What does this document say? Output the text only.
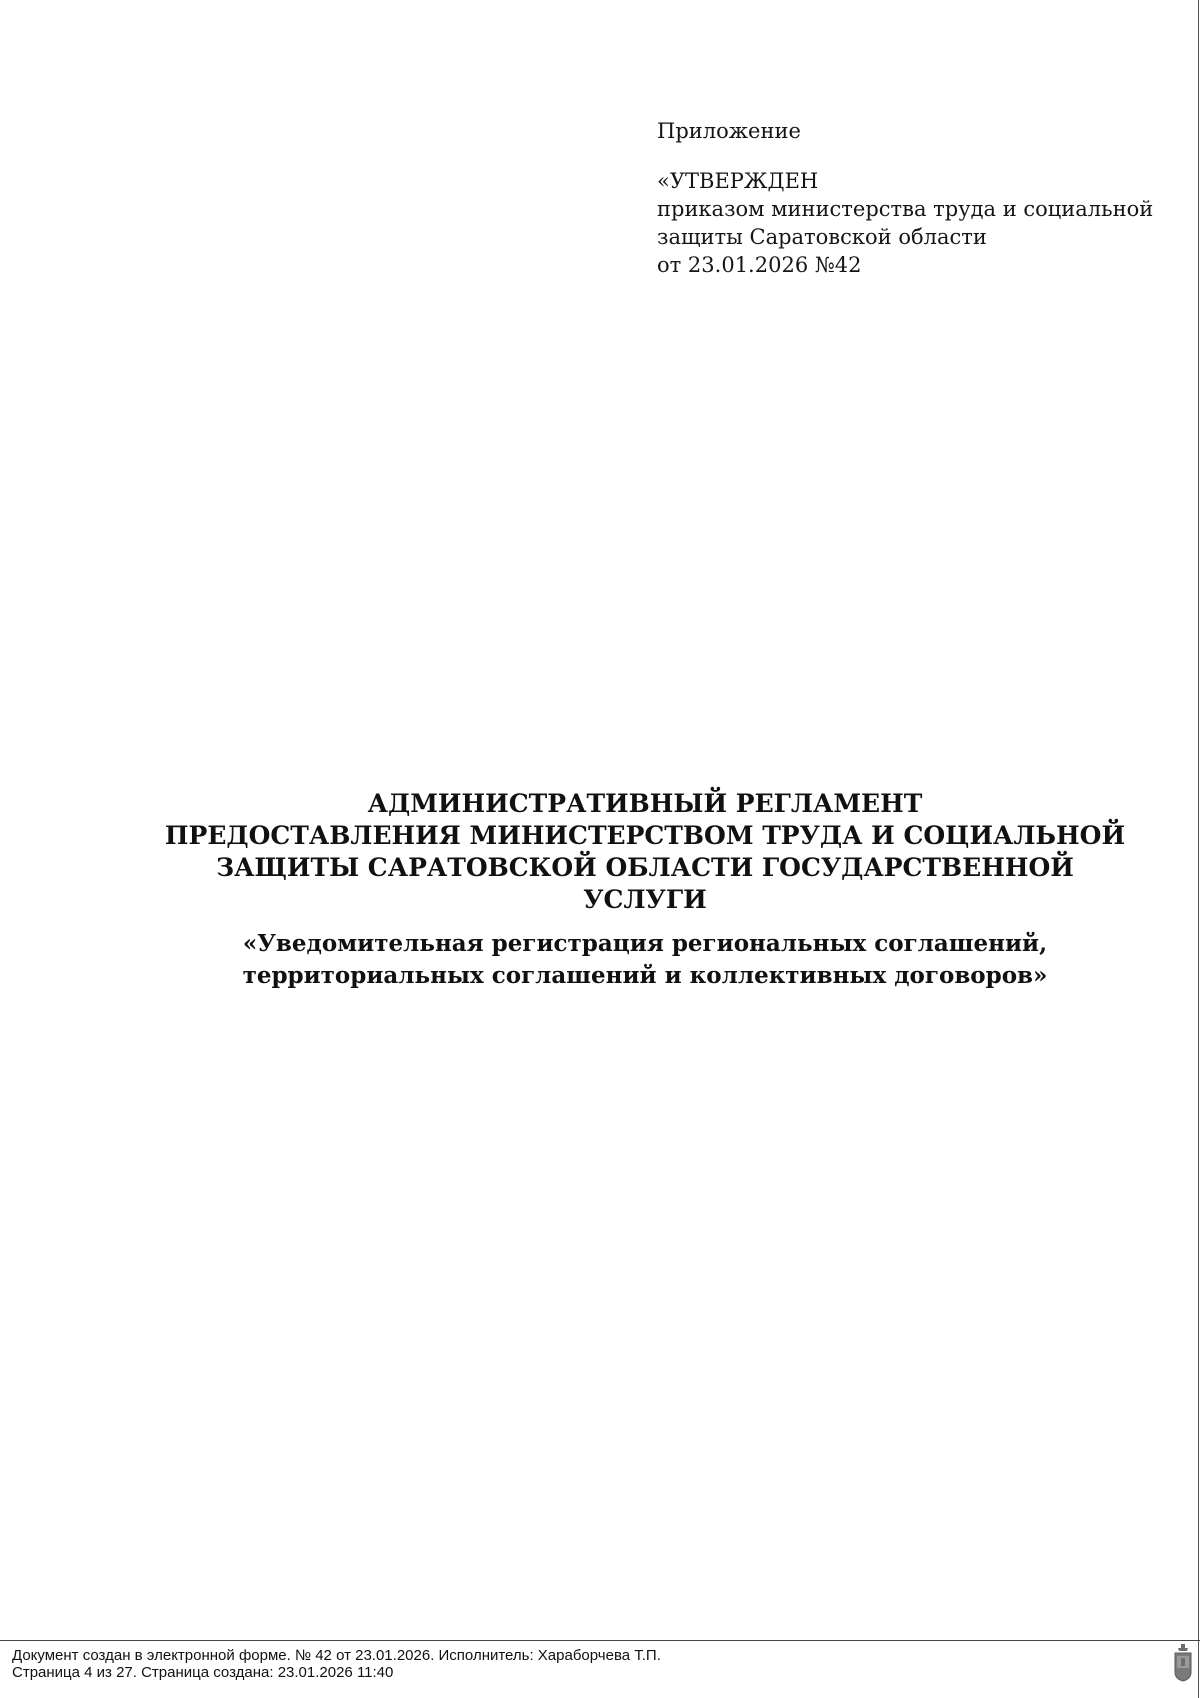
Приложение
«УТВЕРЖДЕН
приказом министерства труда и социальной
защиты Саратовской области
от 23.01.2026 №42
АДМИНИСТРАТИВНЫЙ РЕГЛАМЕНТ
ПРЕДОСТАВЛЕНИЯ МИНИСТЕРСТВОМ ТРУДА И СОЦИАЛЬНОЙ
ЗАЩИТЫ САРАТОВСКОЙ ОБЛАСТИ ГОСУДАРСТВЕННОЙ
УСЛУГИ
«Уведомительная регистрация региональных соглашений,
территориальных соглашений и коллективных договоров»
Документ создан в электронной форме. № 42 от 23.01.2026. Исполнитель: Хараборчева Т.П.
Страница 4 из 27. Страница создана: 23.01.2026 11:40
